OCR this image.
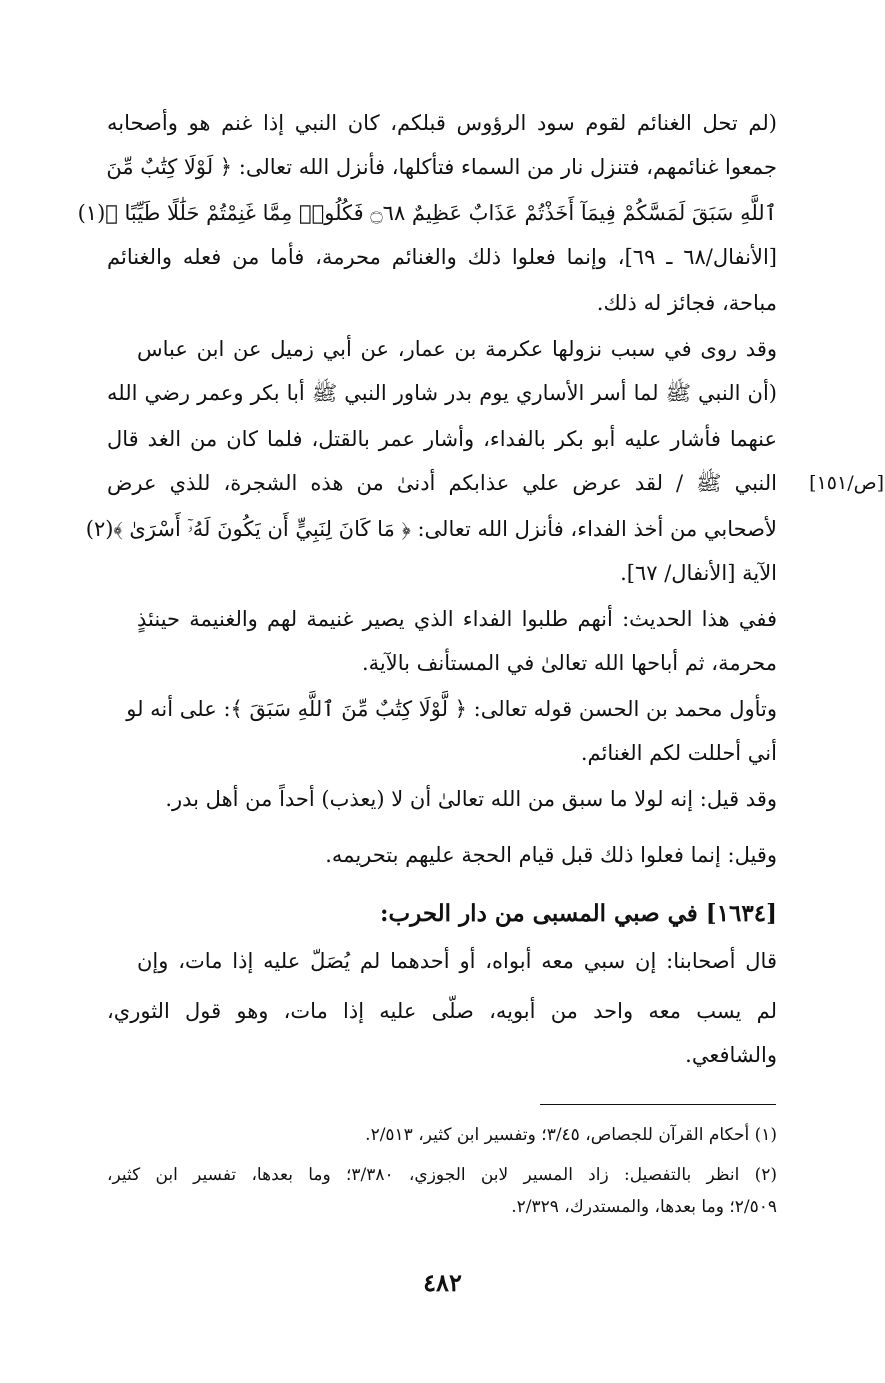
(لم تحل الغنائم لقوم سود الرؤوس قبلكم، كان النبي إذا غنم هو وأصحابه
جمعوا غنائمهم، فتنزل نار من السماء فتأكلها، فأنزل الله تعالى: ﴿ لَوْلَا كِتَٰبٌ مِّنَ
ٱللَّهِ سَبَقَ لَمَسَّكُمْ فِيمَآ أَخَذْتُمْ عَذَابٌ عَظِيمٌ ۝٦٨ فَكُلُوا۟ مِمَّا غَنِمْتُمْ حَلَٰلًا طَيِّبًا ﴾(١)
[الأنفال/٦٨ ـ ٦٩]، وإنما فعلوا ذلك والغنائم محرمة، فأما من فعله والغنائم
مباحة، فجائز له ذلك.
وقد روى في سبب نزولها عكرمة بن عمار، عن أبي زميل عن ابن عباس
(أن النبي ﷺ لما أسر الأساري يوم بدر شاور النبي ﷺ أبا بكر وعمر رضي الله
عنهما فأشار عليه أبو بكر بالفداء، وأشار عمر بالقتل، فلما كان من الغد قال
النبي ﷺ / لقد عرض علي عذابكم أدنىٰ من هذه الشجرة، للذي عرض [ص/١٥١]
لأصحابي من أخذ الفداء، فأنزل الله تعالى: ﴿ مَا كَانَ لِنَبِيٍّ أَن يَكُونَ لَهُۥٓ أَسْرَىٰ ﴾(٢)
الآية [الأنفال/ ٦٧].
ففي هذا الحديث: أنهم طلبوا الفداء الذي يصير غنيمة لهم والغنيمة حينئذٍ
محرمة، ثم أباحها الله تعالىٰ في المستأنف بالآية.
وتأول محمد بن الحسن قوله تعالى: ﴿ لَّوْلَا كِتَٰبٌ مِّنَ ٱللَّهِ سَبَقَ ﴾: على أنه لو
أني أحللت لكم الغنائم.
وقد قيل: إنه لولا ما سبق من الله تعالىٰ أن لا (يعذب) أحداً من أهل بدر.
وقيل: إنما فعلوا ذلك قبل قيام الحجة عليهم بتحريمه.
[١٦٣٤] في صبي المسبى من دار الحرب:
قال أصحابنا: إن سبي معه أبواه، أو أحدهما لم يُصَلّ عليه إذا مات، وإن
لم يسب معه واحد من أبويه، صلّى عليه إذا مات، وهو قول الثوري،
والشافعي.
(١) أحكام القرآن للجصاص، ٣/٤٥؛ وتفسير ابن كثير، ٢/٥١٣.
(٢) انظر بالتفصيل: زاد المسير لابن الجوزي، ٣/٣٨٠؛ وما بعدها، تفسير ابن كثير،
٢/٥٠٩؛ وما بعدها، والمستدرك، ٢/٣٢٩.
٤٨٢
